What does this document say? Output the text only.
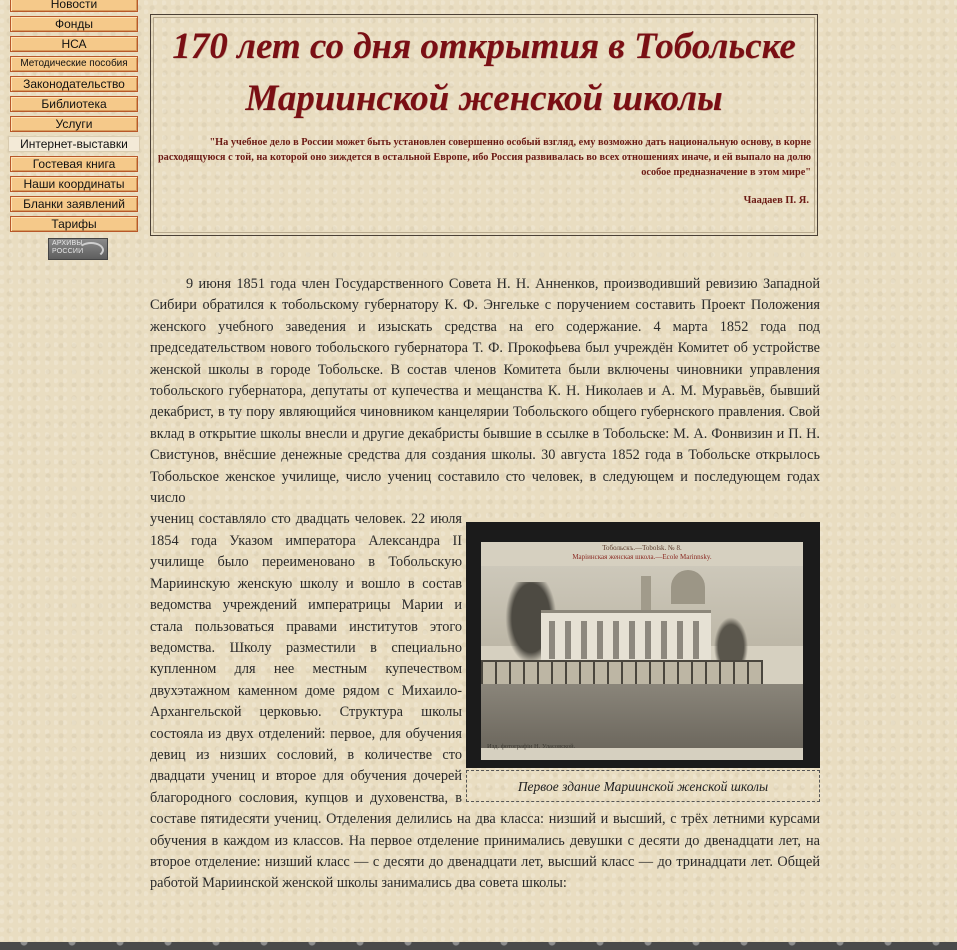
Новости
Фонды
НСА
Методические пособия
Законодательство
Библиотека
Услуги
Интернет-выставки
Гостевая книга
Наши координаты
Бланки заявлений
Тарифы
АРХИВЫ РОССИИ
170 лет со дня открытия в Тобольске
Мариинской женской школы
"На учебное дело в России может быть установлен совершенно особый взгляд, ему возможно дать национальную основу, в корне расходящуюся с той, на которой оно зиждется в остальной Европе, ибо Россия развивалась во всех отношениях иначе, и ей выпало на долю особое предназначение в этом мире"
Чаадаев П. Я.

9 июня 1851 года член Государственного Совета Н. Н. Анненков, производивший ревизию Западной Сибири обратился к тобольскому губернатору К. Ф. Энгельке с поручением составить Проект Положения женского учебного заведения и изыскать средства на его содержание. 4 марта 1852 года под председательством нового тобольского губернатора Т. Ф. Прокофьева был учреждён Комитет об устройстве женской школы в городе Тобольске. В состав членов Комитета были включены чиновники управления тобольского губернатора, депутаты от купечества и мещанства К. Н. Николаев и А. М. Муравьёв, бывший декабрист, в ту пору являющийся чиновником канцелярии Тобольского общего губернского правления. Свой вклад в открытие школы внесли и другие декабристы бывшие в ссылке в Тобольске: М. А. Фонвизин и П. Н. Свистунов, внёсшие денежные средства для создания школы. 30 августа 1852 года в Тобольске открылось Тобольское женское училище, число учениц составило сто человек, в следующем и последующем годах число

Тобольскъ.—Tobolsk. № 8.
Маріинская женская школа.—Ecole Marinnsky.
Изд. фотографіи Н. Уласовской.
Первое здание Мариинской женской школы

учениц составляло сто двадцать человек. 22 июля 1854 года Указом императора Александра II училище было переименовано в Тобольскую Мариинскую женскую школу и вошло в состав ведомства учреждений императрицы Марии и стала пользоваться правами институтов этого ведомства. Школу разместили в специально купленном для нее местным купечеством двухэтажном каменном доме рядом с Михаило-Архангельской церковью. Структура школы состояла из двух отделений: первое, для обучения девиц из низших сословий, в количестве сто двадцати учениц и второе для обучения дочерей благородного сословия, купцов и духовенства, в составе пятидесяти учениц. Отделения делились на два класса: низший и высший, с трёх летними курсами обучения в каждом из классов. На первое отделение принимались девушки с десяти до двенадцати лет, на второе отделение: низший класс — с десяти до двенадцати лет, высший класс — до тринадцати лет. Общей работой Мариинской женской школы занимались два совета школы:
